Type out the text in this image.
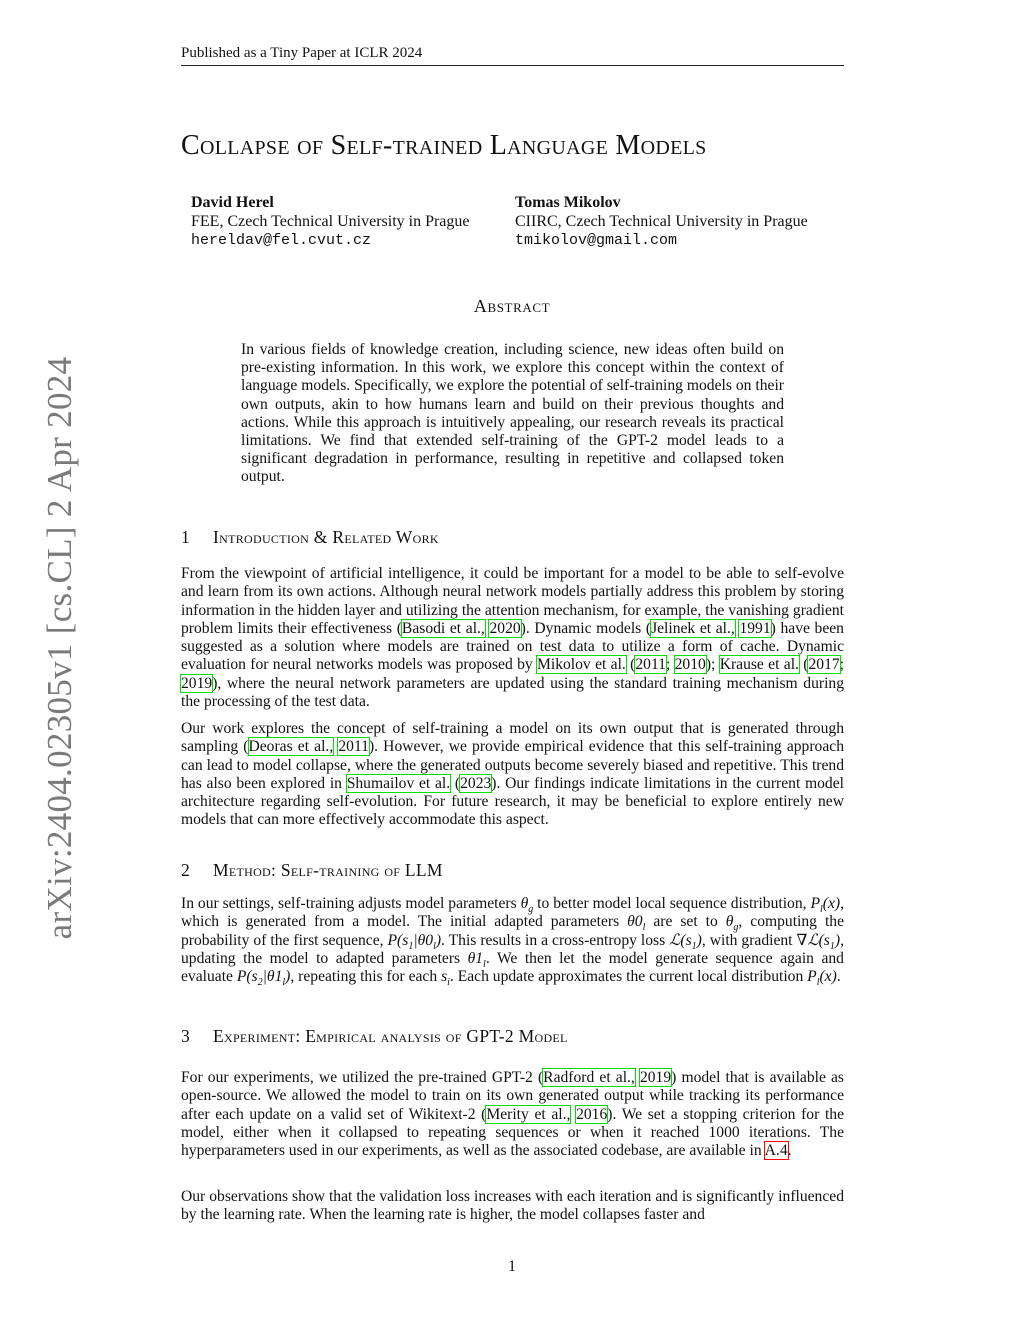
Published as a Tiny Paper at ICLR 2024
arXiv:2404.02305v1 [cs.CL] 2 Apr 2024
Collapse of Self-trained Language Models
David Herel
FEE, Czech Technical University in Prague
hereldav@fel.cvut.cz
Tomas Mikolov
CIIRC, Czech Technical University in Prague
tmikolov@gmail.com
Abstract
In various fields of knowledge creation, including science, new ideas often build on pre-existing information. In this work, we explore this concept within the context of language models. Specifically, we explore the potential of self-training models on their own outputs, akin to how humans learn and build on their previous thoughts and actions. While this approach is intuitively appealing, our research reveals its practical limitations. We find that extended self-training of the GPT-2 model leads to a significant degradation in performance, resulting in repetitive and collapsed token output.
1 Introduction & Related Work
From the viewpoint of artificial intelligence, it could be important for a model to be able to self-evolve and learn from its own actions. Although neural network models partially address this problem by storing information in the hidden layer and utilizing the attention mechanism, for example, the vanishing gradient problem limits their effectiveness (Basodi et al., 2020). Dynamic models (Jelinek et al., 1991) have been suggested as a solution where models are trained on test data to utilize a form of cache. Dynamic evaluation for neural networks models was proposed by Mikolov et al. (2011; 2010); Krause et al. (2017; 2019), where the neural network parameters are updated using the standard training mechanism during the processing of the test data.
Our work explores the concept of self-training a model on its own output that is generated through sampling (Deoras et al., 2011). However, we provide empirical evidence that this self-training approach can lead to model collapse, where the generated outputs become severely biased and repetitive. This trend has also been explored in Shumailov et al. (2023). Our findings indicate limitations in the current model architecture regarding self-evolution. For future research, it may be beneficial to explore entirely new models that can more effectively accommodate this aspect.
2 Method: Self-training of LLM
In our settings, self-training adjusts model parameters $\theta_g$ to better model local sequence distribution, $P_l(x)$, which is generated from a model. The initial adapted parameters $\theta 0_l$ are set to $\theta_g$, computing the probability of the first sequence, $P(s_1|\theta 0_l)$. This results in a cross-entropy loss $ℒ(s_1)$, with gradient $\nabla ℒ(s_1)$, updating the model to adapted parameters $\theta 1_l$. We then let the model generate sequence again and evaluate $P(s_2|\theta 1_l)$, repeating this for each $s_i$. Each update approximates the current local distribution $P_l(x)$.
3 Experiment: Empirical analysis of GPT-2 Model
For our experiments, we utilized the pre-trained GPT-2 (Radford et al., 2019) model that is available as open-source. We allowed the model to train on its own generated output while tracking its performance after each update on a valid set of Wikitext-2 (Merity et al., 2016). We set a stopping criterion for the model, either when it collapsed to repeating sequences or when it reached 1000 iterations. The hyperparameters used in our experiments, as well as the associated codebase, are available in A.4.
Our observations show that the validation loss increases with each iteration and is significantly influenced by the learning rate. When the learning rate is higher, the model collapses faster and
1
